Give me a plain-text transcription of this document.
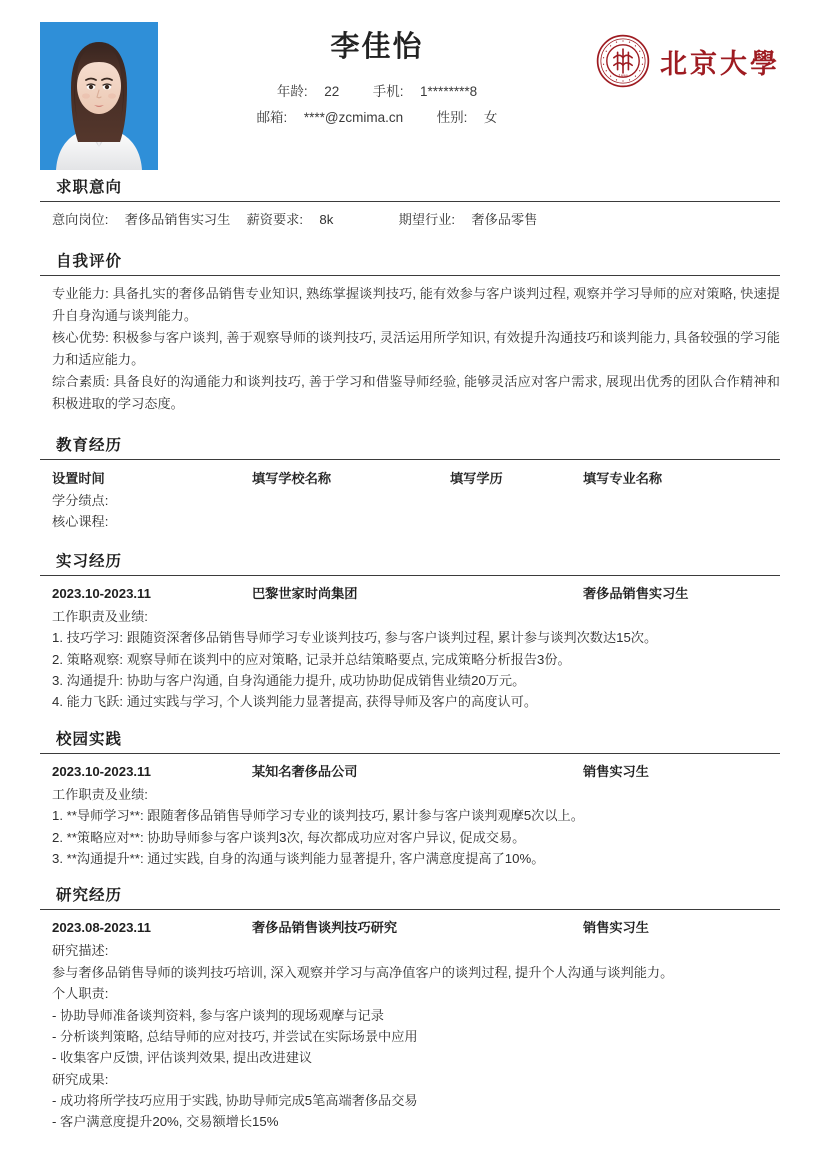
李佳怡
年龄: 22 手机: 1********8
邮箱: ****@zcmima.cn 性别: 女
1898 北京大學
求职意向
意向岗位: 奢侈品销售实习生 薪资要求: 8k	期望行业: 奢侈品零售
自我评价
专业能力: 具备扎实的奢侈品销售专业知识, 熟练掌握谈判技巧, 能有效参与客户谈判过程, 观察并学习导师的应对策略, 快速提升自身沟通与谈判能力。
核心优势: 积极参与客户谈判, 善于观察导师的谈判技巧, 灵活运用所学知识, 有效提升沟通技巧和谈判能力, 具备较强的学习能力和适应能力。
综合素质: 具备良好的沟通能力和谈判技巧, 善于学习和借鉴导师经验, 能够灵活应对客户需求, 展现出优秀的团队合作精神和积极进取的学习态度。
教育经历
设置时间	填写学校名称	填写学历	填写专业名称
学分绩点:
核心课程:
实习经历
2023.10-2023.11	巴黎世家时尚集团	奢侈品销售实习生
工作职责及业绩:
1. 技巧学习: 跟随资深奢侈品销售导师学习专业谈判技巧, 参与客户谈判过程, 累计参与谈判次数达15次。
2. 策略观察: 观察导师在谈判中的应对策略, 记录并总结策略要点, 完成策略分析报告3份。
3. 沟通提升: 协助与客户沟通, 自身沟通能力提升, 成功协助促成销售业绩20万元。
4. 能力飞跃: 通过实践与学习, 个人谈判能力显著提高, 获得导师及客户的高度认可。
校园实践
2023.10-2023.11	某知名奢侈品公司	销售实习生
工作职责及业绩:
1. **导师学习**: 跟随奢侈品销售导师学习专业的谈判技巧, 累计参与客户谈判观摩5次以上。
2. **策略应对**: 协助导师参与客户谈判3次, 每次都成功应对客户异议, 促成交易。
3. **沟通提升**: 通过实践, 自身的沟通与谈判能力显著提升, 客户满意度提高了10%。
研究经历
2023.08-2023.11	奢侈品销售谈判技巧研究	销售实习生
研究描述:
参与奢侈品销售导师的谈判技巧培训, 深入观察并学习与高净值客户的谈判过程, 提升个人沟通与谈判能力。
个人职责:
- 协助导师准备谈判资料, 参与客户谈判的现场观摩与记录
- 分析谈判策略, 总结导师的应对技巧, 并尝试在实际场景中应用
- 收集客户反馈, 评估谈判效果, 提出改进建议
研究成果:
- 成功将所学技巧应用于实践, 协助导师完成5笔高端奢侈品交易
- 客户满意度提升20%, 交易额增长15%
